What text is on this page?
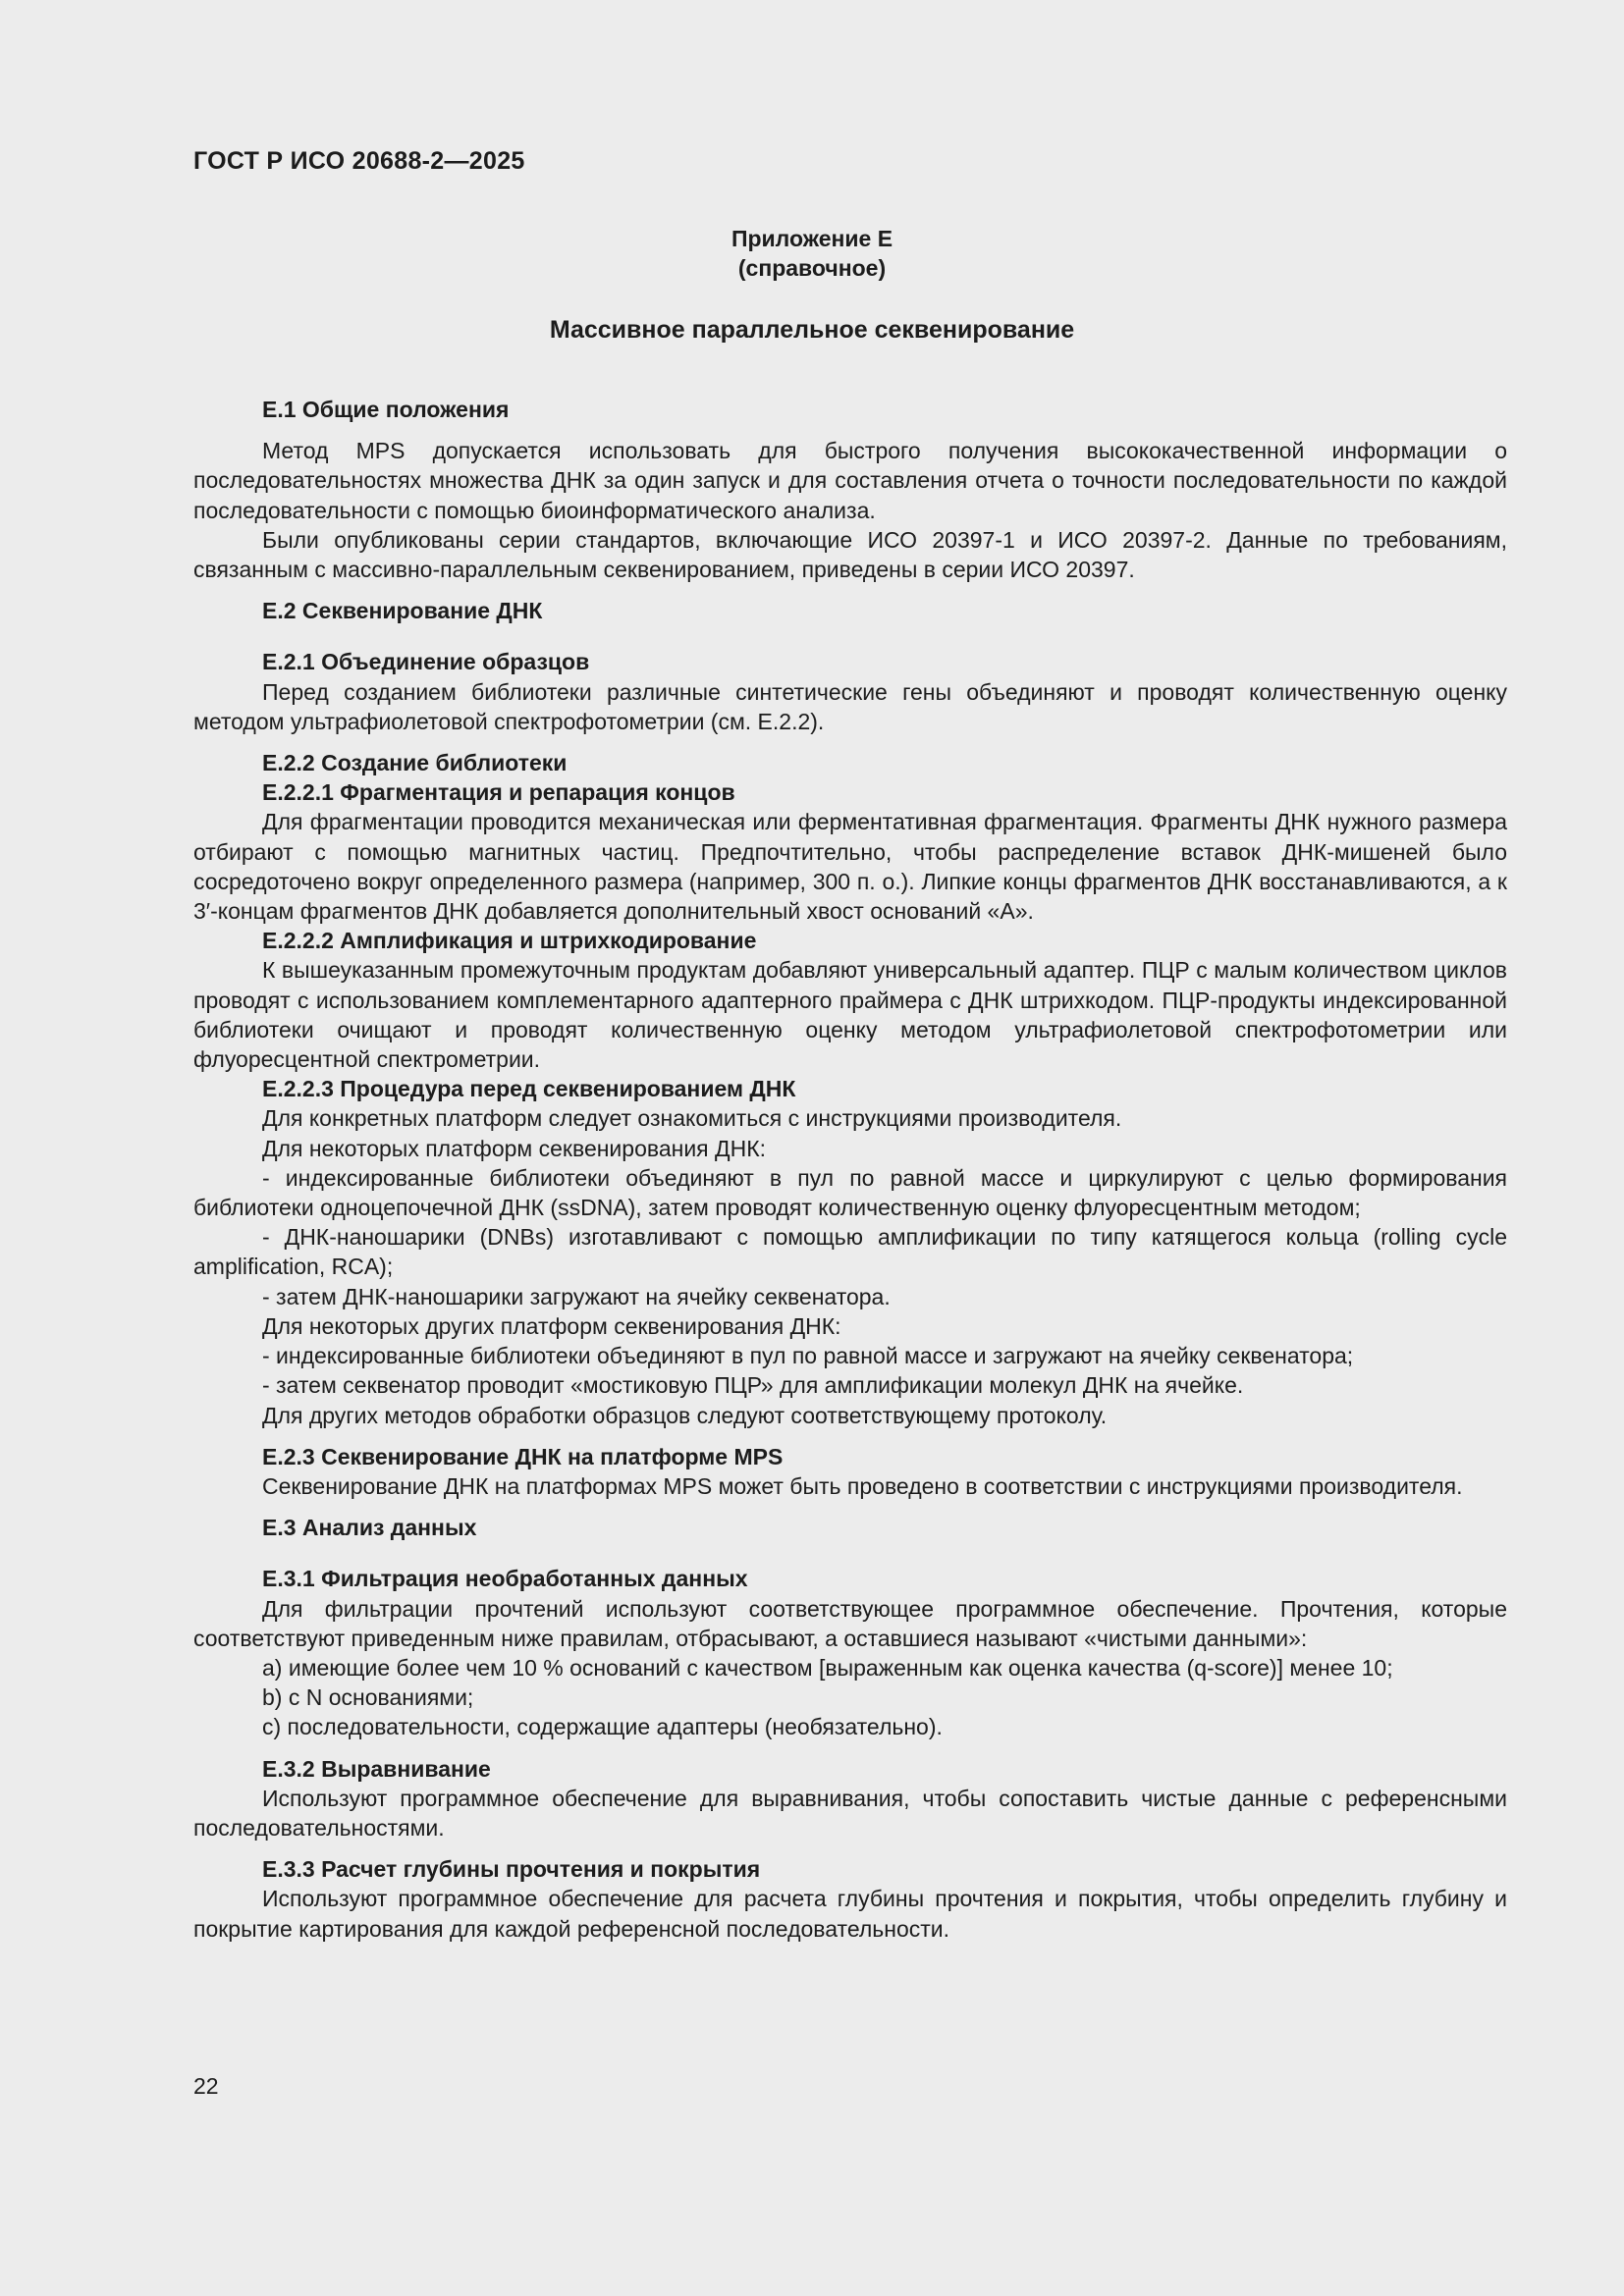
ГОСТ Р ИСО 20688-2—2025
Приложение Е
(справочное)
Массивное параллельное секвенирование
Е.1 Общие положения
Метод MPS допускается использовать для быстрого получения высококачественной информации о последовательностях множества ДНК за один запуск и для составления отчета о точности последовательности по каждой последовательности с помощью биоинформатического анализа.
Были опубликованы серии стандартов, включающие ИСО 20397-1 и ИСО 20397-2. Данные по требованиям, связанным с массивно-параллельным секвенированием, приведены в серии ИСО 20397.
Е.2 Секвенирование ДНК
Е.2.1 Объединение образцов
Перед созданием библиотеки различные синтетические гены объединяют и проводят количественную оценку методом ультрафиолетовой спектрофотометрии (см. Е.2.2).
Е.2.2 Создание библиотеки
Е.2.2.1 Фрагментация и репарация концов
Для фрагментации проводится механическая или ферментативная фрагментация. Фрагменты ДНК нужного размера отбирают с помощью магнитных частиц. Предпочтительно, чтобы распределение вставок ДНК-мишеней было сосредоточено вокруг определенного размера (например, 300 п. о.). Липкие концы фрагментов ДНК восстанавливаются, а к 3′-концам фрагментов ДНК добавляется дополнительный хвост оснований «А».
Е.2.2.2 Амплификация и штрихкодирование
К вышеуказанным промежуточным продуктам добавляют универсальный адаптер. ПЦР с малым количеством циклов проводят с использованием комплементарного адаптерного праймера с ДНК штрихкодом. ПЦР-продукты индексированной библиотеки очищают и проводят количественную оценку методом ультрафиолетовой спектрофотометрии или флуоресцентной спектрометрии.
Е.2.2.3 Процедура перед секвенированием ДНК
Для конкретных платформ следует ознакомиться с инструкциями производителя.
Для некоторых платформ секвенирования ДНК:
- индексированные библиотеки объединяют в пул по равной массе и циркулируют с целью формирования библиотеки одноцепочечной ДНК (ssDNA), затем проводят количественную оценку флуоресцентным методом;
- ДНК-наношарики (DNBs) изготавливают с помощью амплификации по типу катящегося кольца (rolling cycle amplification, RCA);
- затем ДНК-наношарики загружают на ячейку секвенатора.
Для некоторых других платформ секвенирования ДНК:
- индексированные библиотеки объединяют в пул по равной массе и загружают на ячейку секвенатора;
- затем секвенатор проводит «мостиковую ПЦР» для амплификации молекул ДНК на ячейке.
Для других методов обработки образцов следуют соответствующему протоколу.
Е.2.3 Секвенирование ДНК на платформе MPS
Секвенирование ДНК на платформах MPS может быть проведено в соответствии с инструкциями производителя.
Е.3 Анализ данных
Е.3.1 Фильтрация необработанных данных
Для фильтрации прочтений используют соответствующее программное обеспечение. Прочтения, которые соответствуют приведенным ниже правилам, отбрасывают, а оставшиеся называют «чистыми данными»:
a) имеющие более чем 10 % оснований с качеством [выраженным как оценка качества (q-score)] менее 10;
b) с N основаниями;
c) последовательности, содержащие адаптеры (необязательно).
Е.3.2 Выравнивание
Используют программное обеспечение для выравнивания, чтобы сопоставить чистые данные с референсными последовательностями.
Е.3.3 Расчет глубины прочтения и покрытия
Используют программное обеспечение для расчета глубины прочтения и покрытия, чтобы определить глубину и покрытие картирования для каждой референсной последовательности.
22
